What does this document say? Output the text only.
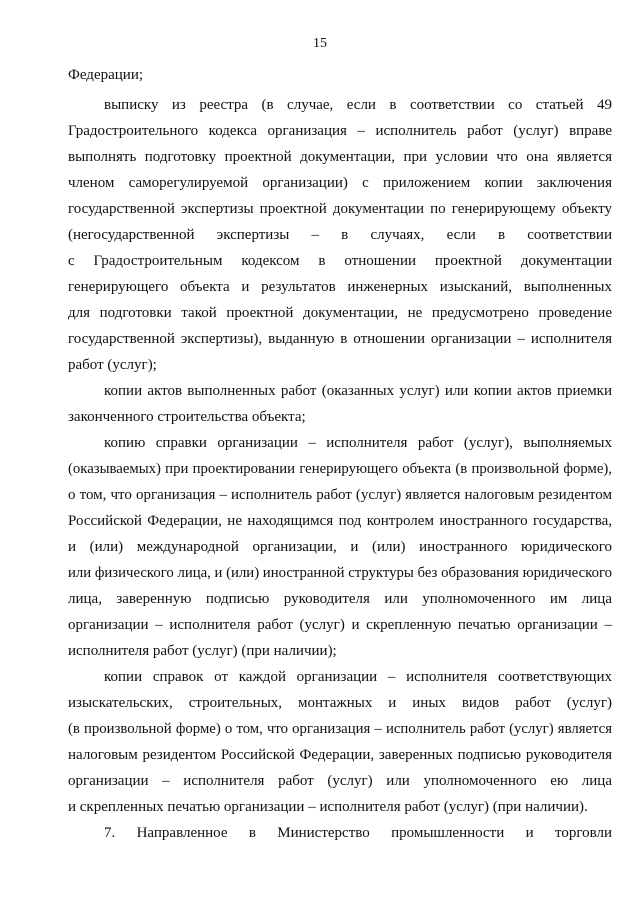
15
Федерации;
выписку из реестра (в случае, если в соответствии со статьей 49
Градостроительного кодекса организация – исполнитель работ (услуг) вправе
выполнять подготовку проектной документации, при условии что она является
членом саморегулируемой организации) с приложением копии заключения
государственной экспертизы проектной документации по генерирующему объекту
(негосударственной экспертизы – в случаях, если в соответствии
с Градостроительным кодексом в отношении проектной документации
генерирующего объекта и результатов инженерных изысканий, выполненных
для подготовки такой проектной документации, не предусмотрено проведение
государственной экспертизы), выданную в отношении организации – исполнителя
работ (услуг);
копии актов выполненных работ (оказанных услуг) или копии актов приемки
законченного строительства объекта;
копию справки организации – исполнителя работ (услуг), выполняемых
(оказываемых) при проектировании генерирующего объекта (в произвольной форме),
о том, что организация – исполнитель работ (услуг) является налоговым резидентом
Российской Федерации, не находящимся под контролем иностранного государства,
и (или) международной организации, и (или) иностранного юридического
или физического лица, и (или) иностранной структуры без образования юридического
лица, заверенную подписью руководителя или уполномоченного им лица
организации – исполнителя работ (услуг) и скрепленную печатью организации –
исполнителя работ (услуг) (при наличии);
копии справок от каждой организации – исполнителя соответствующих
изыскательских, строительных, монтажных и иных видов работ (услуг)
(в произвольной форме) о том, что организация – исполнитель работ (услуг) является
налоговым резидентом Российской Федерации, заверенных подписью руководителя
организации – исполнителя работ (услуг) или уполномоченного ею лица
и скрепленных печатью организации – исполнителя работ (услуг) (при наличии).
7. Направленное в Министерство промышленности и торговли
